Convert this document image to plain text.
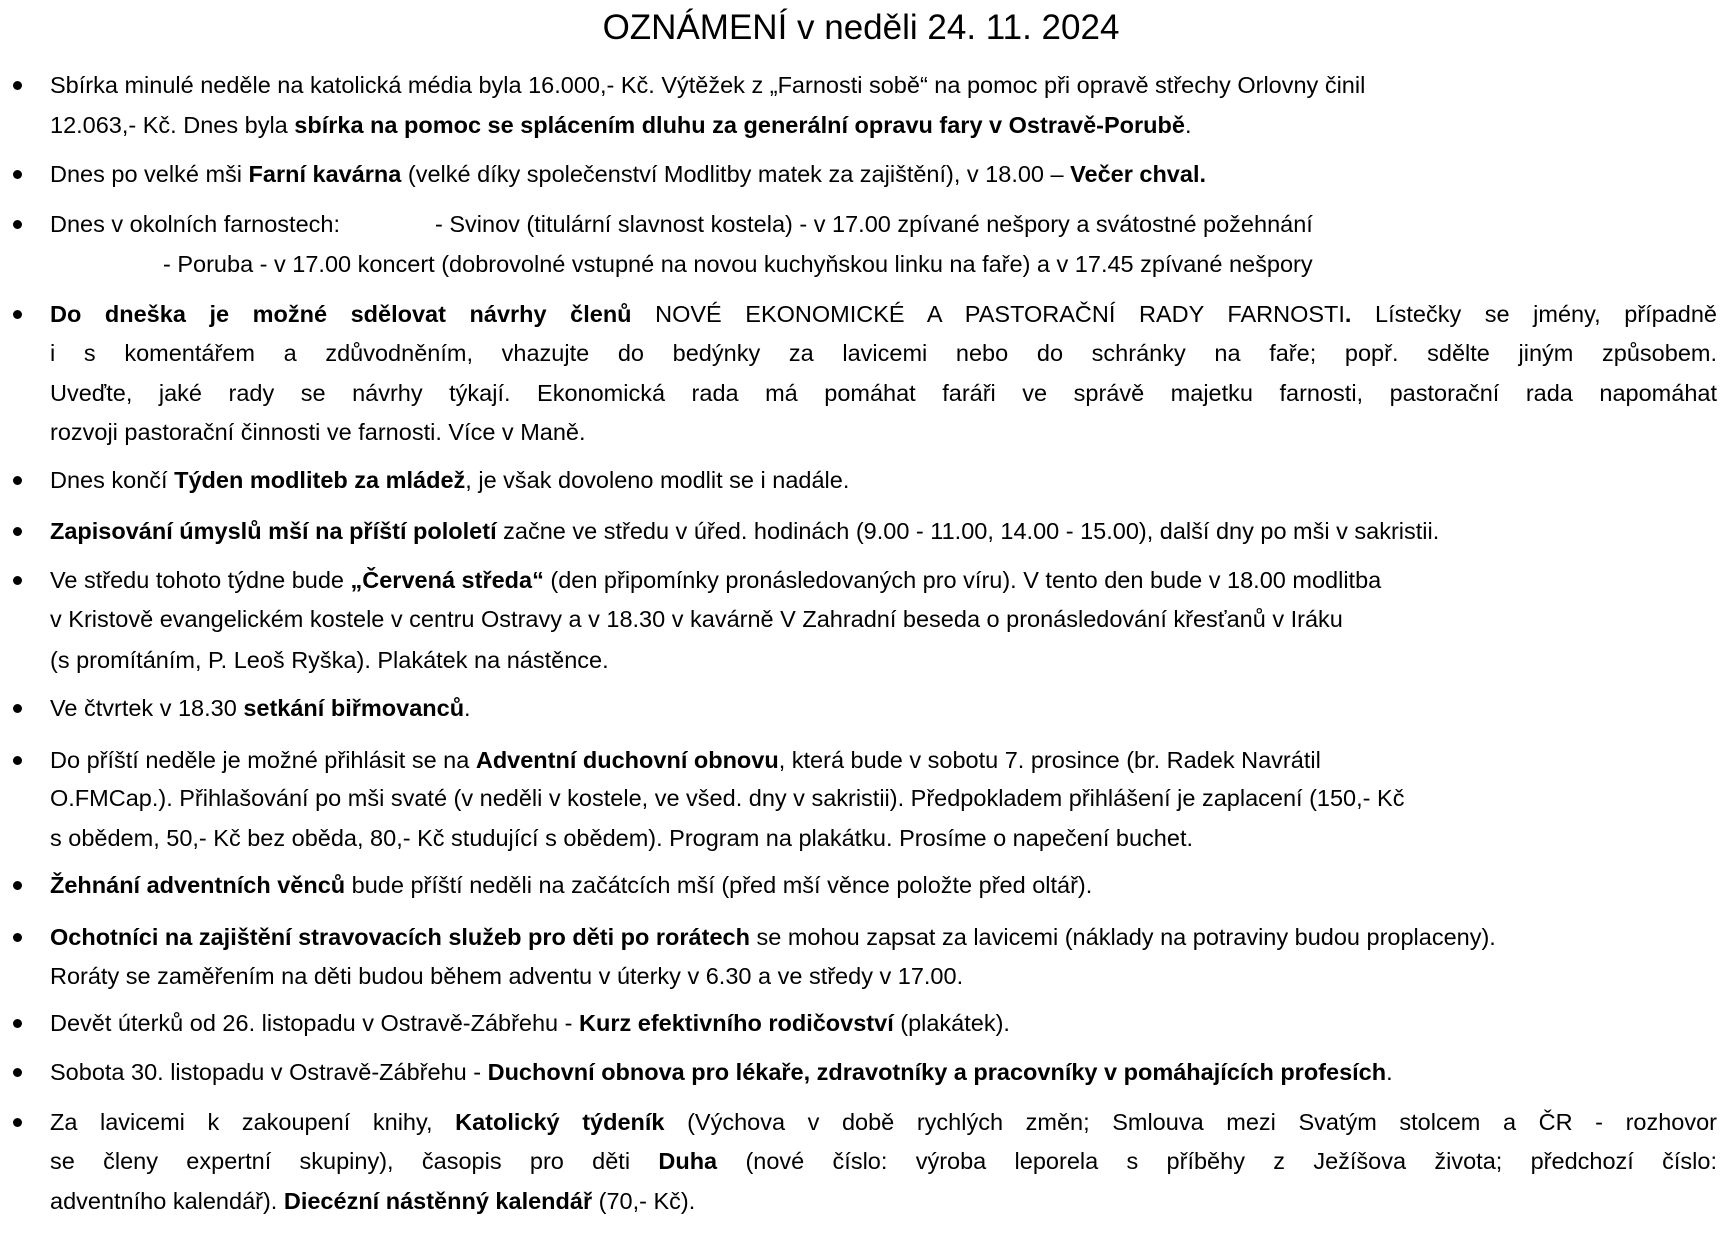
OZNÁMENÍ v neděli 24. 11. 2024
Sbírka minulé neděle na katolická média byla 16.000,- Kč. Výtěžek z „Farnosti sobě“ na pomoc při opravě střechy Orlovny činil
12.063,- Kč. Dnes byla sbírka na pomoc se splácením dluhu za generální opravu fary v Ostravě-Porubě.
Dnes po velké mši Farní kavárna (velké díky společenství Modlitby matek za zajištění), v 18.00 – Večer chval.
Dnes v okolních farnostech:	- Svinov (titulární slavnost kostela) - v 17.00 zpívané nešpory a svátostné požehnání
- Poruba - v 17.00 koncert (dobrovolné vstupné na novou kuchyňskou linku na faře) a v 17.45 zpívané nešpory
Do dneška je možné sdělovat návrhy členů NOVÉ EKONOMICKÉ A PASTORAČNÍ RADY FARNOSTI. Lístečky se jmény, případně
i s komentářem a zdůvodněním, vhazujte do bedýnky za lavicemi nebo do schránky na faře; popř. sdělte jiným způsobem.
Uveďte, jaké rady se návrhy týkají. Ekonomická rada má pomáhat faráři ve správě majetku farnosti, pastorační rada napomáhat
rozvoji pastorační činnosti ve farnosti. Více v Maně.
Dnes končí Týden modliteb za mládež, je však dovoleno modlit se i nadále.
Zapisování úmyslů mší na příští pololetí začne ve středu v úřed. hodinách (9.00 - 11.00, 14.00 - 15.00), další dny po mši v sakristii.
Ve středu tohoto týdne bude „Červená středa“ (den připomínky pronásledovaných pro víru). V tento den bude v 18.00 modlitba
v Kristově evangelickém kostele v centru Ostravy a v 18.30 v kavárně V Zahradní beseda o pronásledování křesťanů v Iráku
(s promítáním, P. Leoš Ryška). Plakátek na nástěnce.
Ve čtvrtek v 18.30 setkání biřmovanců.
Do příští neděle je možné přihlásit se na Adventní duchovní obnovu, která bude v sobotu 7. prosince (br. Radek Navrátil
O.FMCap.). Přihlašování po mši svaté (v neděli v kostele, ve všed. dny v sakristii). Předpokladem přihlášení je zaplacení (150,- Kč
s obědem, 50,- Kč bez oběda, 80,- Kč studující s obědem). Program na plakátku. Prosíme o napečení buchet.
Žehnání adventních věnců bude příští neděli na začátcích mší (před mší věnce položte před oltář).
Ochotníci na zajištění stravovacích služeb pro děti po rorátech se mohou zapsat za lavicemi (náklady na potraviny budou proplaceny).
Roráty se zaměřením na děti budou během adventu v úterky v 6.30 a ve středy v 17.00.
Devět úterků od 26. listopadu v Ostravě-Zábřehu - Kurz efektivního rodičovství (plakátek).
Sobota 30. listopadu v Ostravě-Zábřehu - Duchovní obnova pro lékaře, zdravotníky a pracovníky v pomáhajících profesích.
Za lavicemi k zakoupení knihy, Katolický týdeník (Výchova v době rychlých změn; Smlouva mezi Svatým stolcem a ČR - rozhovor
se členy expertní skupiny), časopis pro děti Duha (nové číslo: výroba leporela s příběhy z Ježíšova života; předchozí číslo:
adventního kalendář). Diecézní nástěnný kalendář (70,- Kč).
